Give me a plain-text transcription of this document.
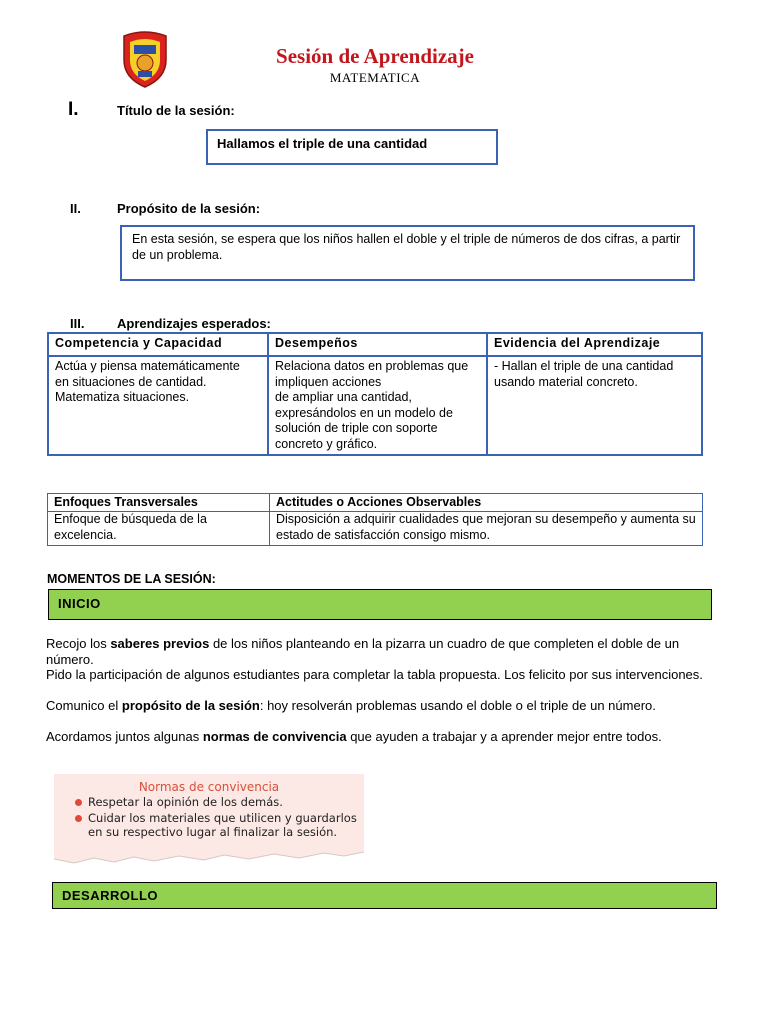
Sesión de Aprendizaje
MATEMATICA
I.	Título de la sesión:
Hallamos el triple de una cantidad
II.	Propósito de la sesión:
En esta sesión, se espera que los niños hallen el doble y el triple de números de dos cifras, a partir de un problema.
III.	Aprendizajes esperados:
Competencia y Capacidad	Desempeños	Evidencia del Aprendizaje
Actúa y piensa matemáticamente
en situaciones de cantidad.
Matematiza situaciones.	Relaciona datos en problemas que impliquen acciones
de ampliar una cantidad, expresándolos en un modelo de solución de triple con soporte concreto y gráfico.	- Hallan el triple de una cantidad usando material concreto.
Enfoques Transversales	Actitudes o Acciones Observables
Enfoque de búsqueda de la excelencia.	Disposición a adquirir cualidades que mejoran su desempeño y aumenta su estado de satisfacción consigo mismo.
MOMENTOS DE LA SESIÓN:
INICIO
Recojo los saberes previos de los niños planteando en la pizarra un cuadro de que completen el doble de un número.
Pido la participación de algunos estudiantes para completar la tabla propuesta. Los felicito por sus intervenciones.
Comunico el propósito de la sesión: hoy resolverán problemas usando el doble o el triple de un número.
Acordamos juntos algunas normas de convivencia que ayuden a trabajar y a aprender mejor entre todos.
Normas de convivencia
Respetar la opinión de los demás.
Cuidar los materiales que utilicen y guardarlos en su respectivo lugar al finalizar la sesión.
DESARROLLO
